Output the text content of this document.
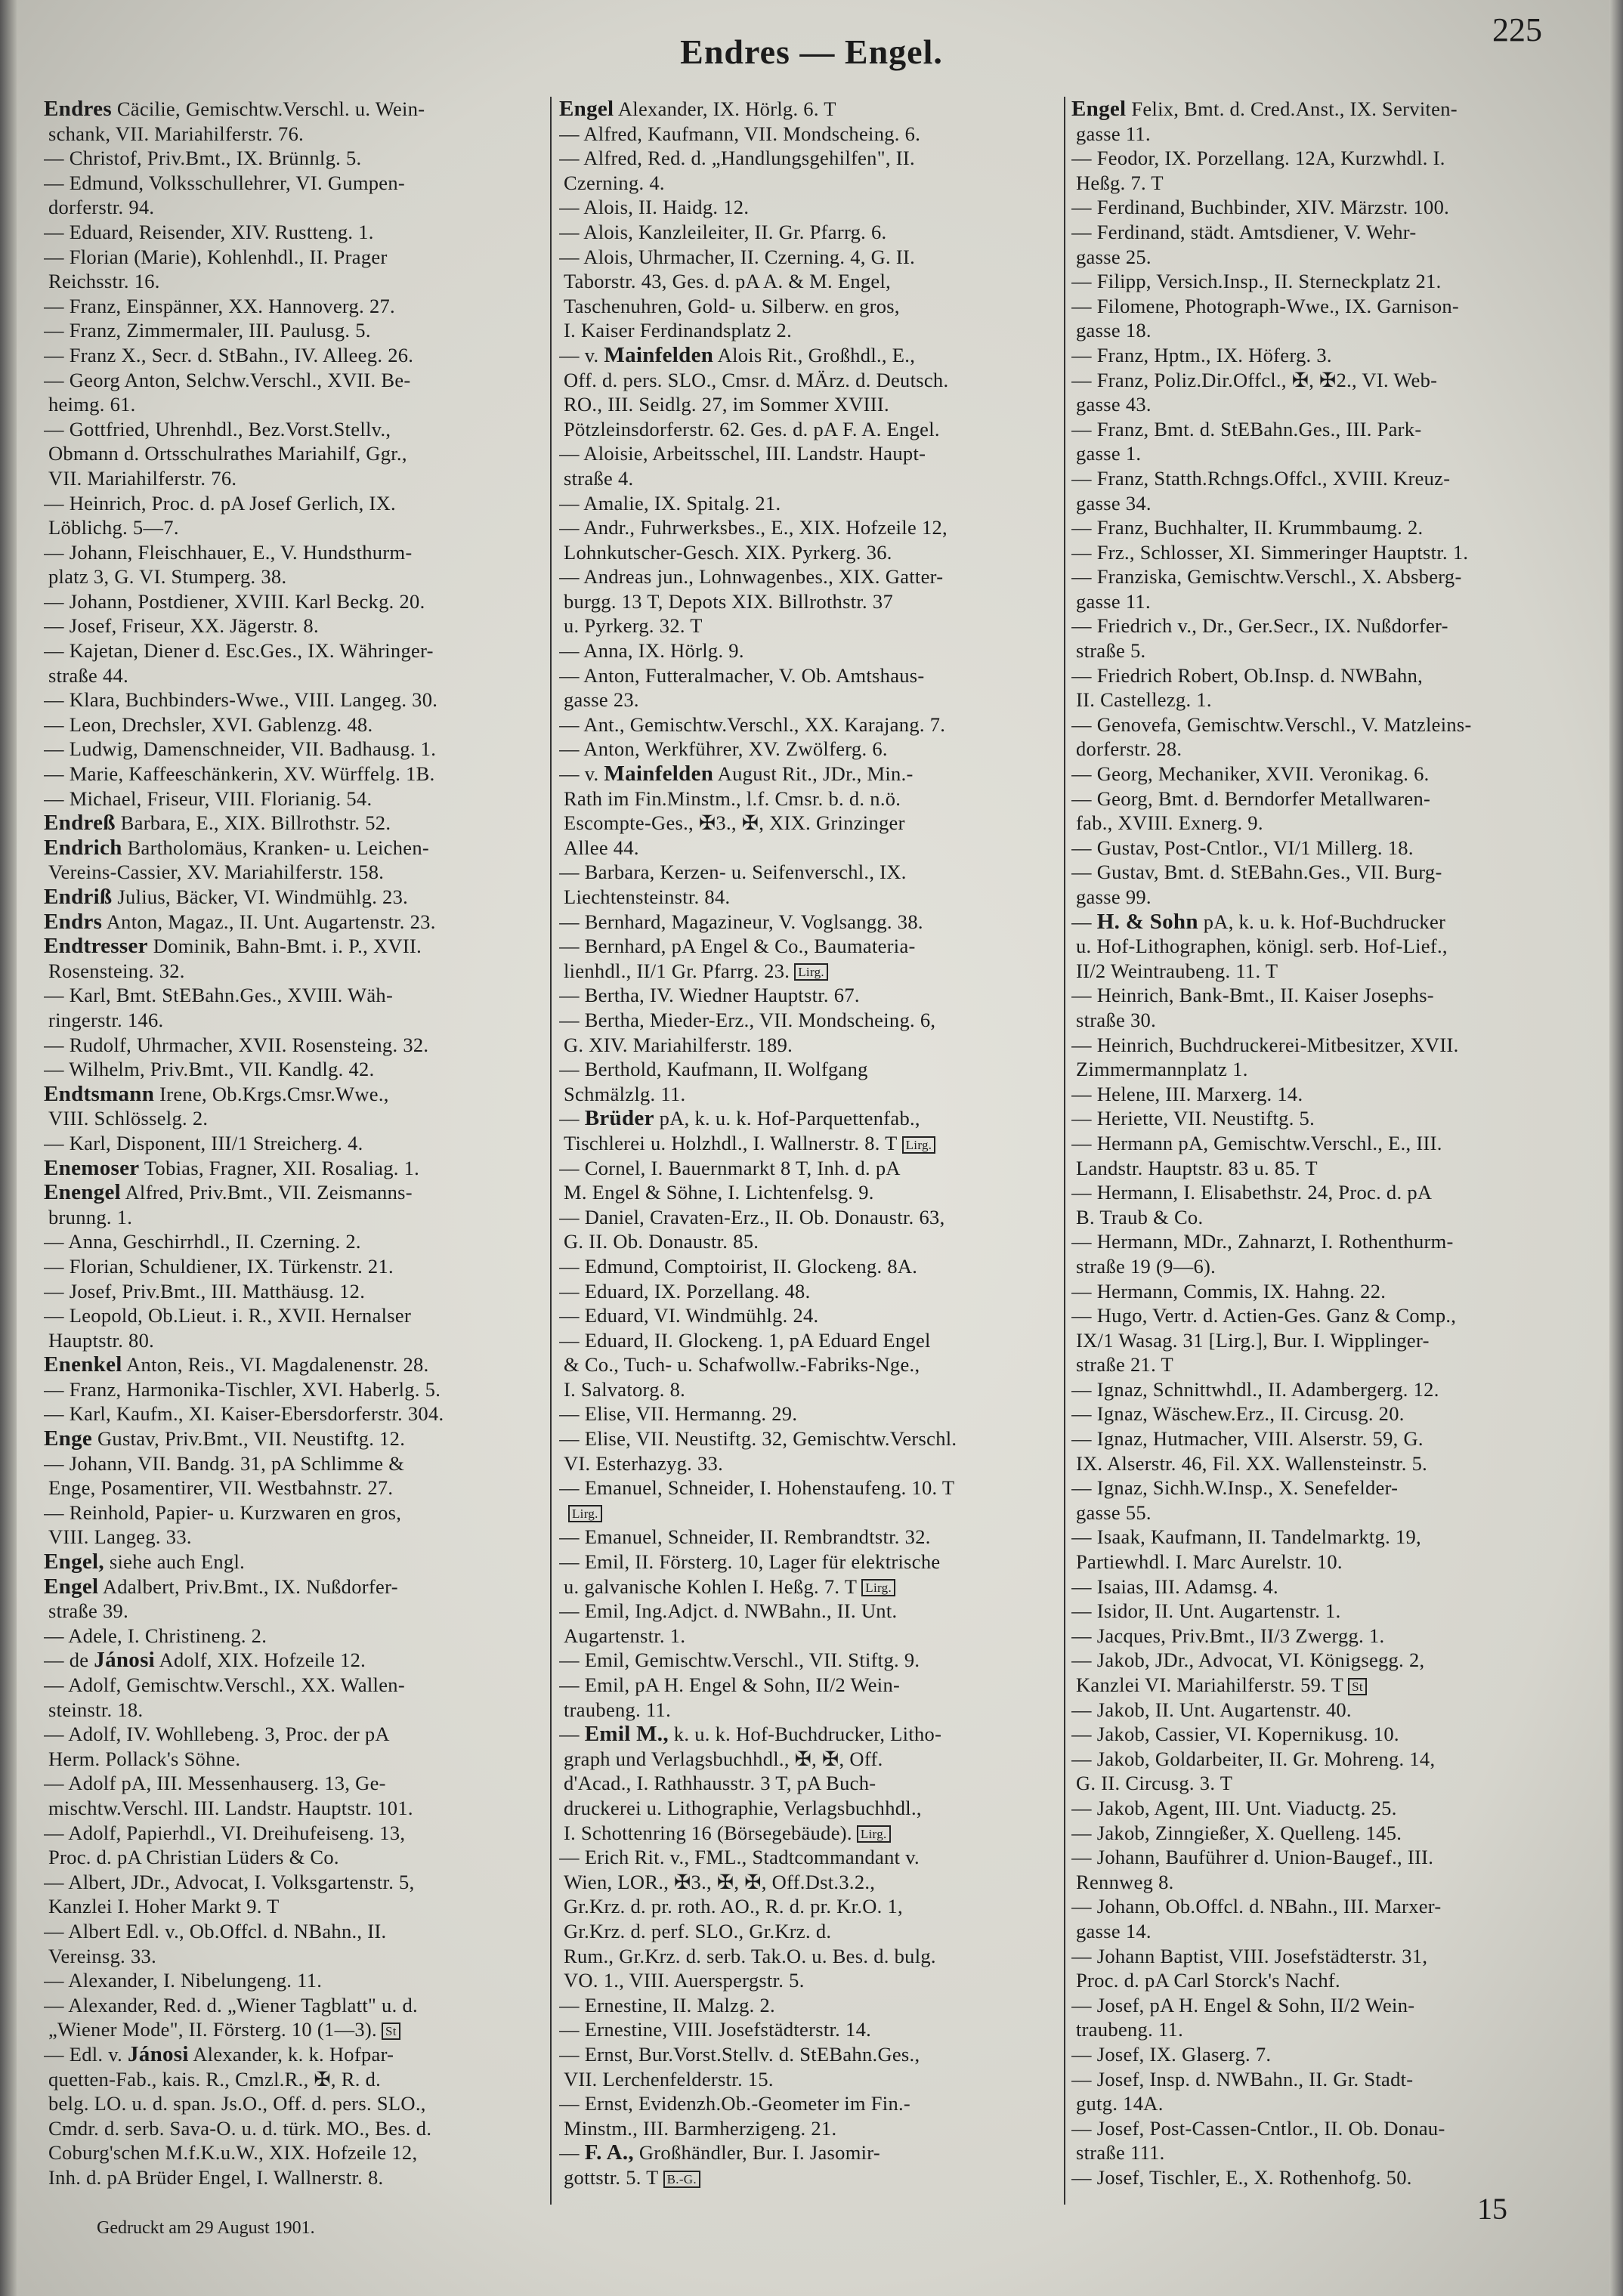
Endres — Engel.
225
Endres Cäcilie, Gemischtw.Verschl. u. Wein-
schank, VII. Mariahilferstr. 76.
— Christof, Priv.Bmt., IX. Brünnlg. 5.
— Edmund, Volksschullehrer, VI. Gumpen-
dorferstr. 94.
— Eduard, Reisender, XIV. Rustteng. 1.
— Florian (Marie), Kohlenhdl., II. Prager
Reichsstr. 16.
— Franz, Einspänner, XX. Hannoverg. 27.
— Franz, Zimmermaler, III. Paulusg. 5.
— Franz X., Secr. d. StBahn., IV. Alleeg. 26.
— Georg Anton, Selchw.Verschl., XVII. Be-
heimg. 61.
— Gottfried, Uhrenhdl., Bez.Vorst.Stellv.,
Obmann d. Ortsschulrathes Mariahilf, Ggr.,
VII. Mariahilferstr. 76.
— Heinrich, Proc. d. pA Josef Gerlich, IX.
Löblichg. 5—7.
— Johann, Fleischhauer, E., V. Hundsthurm-
platz 3, G. VI. Stumperg. 38.
— Johann, Postdiener, XVIII. Karl Beckg. 20.
— Josef, Friseur, XX. Jägerstr. 8.
— Kajetan, Diener d. Esc.Ges., IX. Währinger-
straße 44.
— Klara, Buchbinders-Wwe., VIII. Langeg. 30.
— Leon, Drechsler, XVI. Gablenzg. 48.
— Ludwig, Damenschneider, VII. Badhausg. 1.
— Marie, Kaffeeschänkerin, XV. Würffelg. 1B.
— Michael, Friseur, VIII. Florianig. 54.
Endreß Barbara, E., XIX. Billrothstr. 52.
Endrich Bartholomäus, Kranken- u. Leichen-
Vereins-Cassier, XV. Mariahilferstr. 158.
Endriß Julius, Bäcker, VI. Windmühlg. 23.
Endrs Anton, Magaz., II. Unt. Augartenstr. 23.
Endtresser Dominik, Bahn-Bmt. i. P., XVII.
Rosensteing. 32.
— Karl, Bmt. StEBahn.Ges., XVIII. Wäh-
ringerstr. 146.
— Rudolf, Uhrmacher, XVII. Rosensteing. 32.
— Wilhelm, Priv.Bmt., VII. Kandlg. 42.
Endtsmann Irene, Ob.Krgs.Cmsr.Wwe.,
VIII. Schlösselg. 2.
— Karl, Disponent, III/1 Streicherg. 4.
Enemoser Tobias, Fragner, XII. Rosaliag. 1.
Enengel Alfred, Priv.Bmt., VII. Zeismanns-
brunng. 1.
— Anna, Geschirrhdl., II. Czerning. 2.
— Florian, Schuldiener, IX. Türkenstr. 21.
— Josef, Priv.Bmt., III. Matthäusg. 12.
— Leopold, Ob.Lieut. i. R., XVII. Hernalser
Hauptstr. 80.
Enenkel Anton, Reis., VI. Magdalenenstr. 28.
— Franz, Harmonika-Tischler, XVI. Haberlg. 5.
— Karl, Kaufm., XI. Kaiser-Ebersdorferstr. 304.
Enge Gustav, Priv.Bmt., VII. Neustiftg. 12.
— Johann, VII. Bandg. 31, pA Schlimme &
Enge, Posamentirer, VII. Westbahnstr. 27.
— Reinhold, Papier- u. Kurzwaren en gros,
VIII. Langeg. 33.
Engel, siehe auch Engl.
Engel Adalbert, Priv.Bmt., IX. Nußdorfer-
straße 39.
— Adele, I. Christineng. 2.
— de Jánosi Adolf, XIX. Hofzeile 12.
— Adolf, Gemischtw.Verschl., XX. Wallen-
steinstr. 18.
— Adolf, IV. Wohllebeng. 3, Proc. der pA
Herm. Pollack's Söhne.
— Adolf pA, III. Messenhauserg. 13, Ge-
mischtw.Verschl. III. Landstr. Hauptstr. 101.
— Adolf, Papierhdl., VI. Dreihufeiseng. 13,
Proc. d. pA Christian Lüders & Co.
— Albert, JDr., Advocat, I. Volksgartenstr. 5,
Kanzlei I. Hoher Markt 9. T
— Albert Edl. v., Ob.Offcl. d. NBahn., II.
Vereinsg. 33.
— Alexander, I. Nibelungeng. 11.
— Alexander, Red. d. „Wiener Tagblatt" u. d.
„Wiener Mode", II. Försterg. 10 (1—3). St
— Edl. v. Jánosi Alexander, k. k. Hofpar-
quetten-Fab., kais. R., Cmzl.R., ✠, R. d.
belg. LO. u. d. span. Js.O., Off. d. pers. SLO.,
Cmdr. d. serb. Sava-O. u. d. türk. MO., Bes. d.
Coburg'schen M.f.K.u.W., XIX. Hofzeile 12,
Inh. d. pA Brüder Engel, I. Wallnerstr. 8.
Engel Alexander, IX. Hörlg. 6. T
— Alfred, Kaufmann, VII. Mondscheing. 6.
— Alfred, Red. d. „Handlungsgehilfen", II.
Czerning. 4.
— Alois, II. Haidg. 12.
— Alois, Kanzleileiter, II. Gr. Pfarrg. 6.
— Alois, Uhrmacher, II. Czerning. 4, G. II.
Taborstr. 43, Ges. d. pA A. & M. Engel,
Taschenuhren, Gold- u. Silberw. en gros,
I. Kaiser Ferdinandsplatz 2.
— v. Mainfelden Alois Rit., Großhdl., E.,
Off. d. pers. SLO., Cmsr. d. MÄrz. d. Deutsch.
RO., III. Seidlg. 27, im Sommer XVIII.
Pötzleinsdorferstr. 62. Ges. d. pA F. A. Engel.
— Aloisie, Arbeitsschel, III. Landstr. Haupt-
straße 4.
— Amalie, IX. Spitalg. 21.
— Andr., Fuhrwerksbes., E., XIX. Hofzeile 12,
Lohnkutscher-Gesch. XIX. Pyrkerg. 36.
— Andreas jun., Lohnwagenbes., XIX. Gatter-
burgg. 13 T, Depots XIX. Billrothstr. 37
u. Pyrkerg. 32. T
— Anna, IX. Hörlg. 9.
— Anton, Futteralmacher, V. Ob. Amtshaus-
gasse 23.
— Ant., Gemischtw.Verschl., XX. Karajang. 7.
— Anton, Werkführer, XV. Zwölferg. 6.
— v. Mainfelden August Rit., JDr., Min.-
Rath im Fin.Minstm., l.f. Cmsr. b. d. n.ö.
Escompte-Ges., ✠3., ✠, XIX. Grinzinger
Allee 44.
— Barbara, Kerzen- u. Seifenverschl., IX.
Liechtensteinstr. 84.
— Bernhard, Magazineur, V. Voglsangg. 38.
— Bernhard, pA Engel & Co., Baumateria-
lienhdl., II/1 Gr. Pfarrg. 23. Lirg.
— Bertha, IV. Wiedner Hauptstr. 67.
— Bertha, Mieder-Erz., VII. Mondscheing. 6,
G. XIV. Mariahilferstr. 189.
— Berthold, Kaufmann, II. Wolfgang
Schmälzlg. 11.
— Brüder pA, k. u. k. Hof-Parquettenfab.,
Tischlerei u. Holzhdl., I. Wallnerstr. 8. T Lirg.
— Cornel, I. Bauernmarkt 8 T, Inh. d. pA
M. Engel & Söhne, I. Lichtenfelsg. 9.
— Daniel, Cravaten-Erz., II. Ob. Donaustr. 63,
G. II. Ob. Donaustr. 85.
— Edmund, Comptoirist, II. Glockeng. 8A.
— Eduard, IX. Porzellang. 48.
— Eduard, VI. Windmühlg. 24.
— Eduard, II. Glockeng. 1, pA Eduard Engel
& Co., Tuch- u. Schafwollw.-Fabriks-Nge.,
I. Salvatorg. 8.
— Elise, VII. Hermanng. 29.
— Elise, VII. Neustiftg. 32, Gemischtw.Verschl.
VI. Esterhazyg. 33.
— Emanuel, Schneider, I. Hohenstaufeng. 10. T
Lirg.
— Emanuel, Schneider, II. Rembrandtstr. 32.
— Emil, II. Försterg. 10, Lager für elektrische
u. galvanische Kohlen I. Heßg. 7. T Lirg.
— Emil, Ing.Adjct. d. NWBahn., II. Unt.
Augartenstr. 1.
— Emil, Gemischtw.Verschl., VII. Stiftg. 9.
— Emil, pA H. Engel & Sohn, II/2 Wein-
traubeng. 11.
— Emil M., k. u. k. Hof-Buchdrucker, Litho-
graph und Verlagsbuchhdl., ✠, ✠, Off.
d'Acad., I. Rathhausstr. 3 T, pA Buch-
druckerei u. Lithographie, Verlagsbuchhdl.,
I. Schottenring 16 (Börsegebäude). Lirg.
— Erich Rit. v., FML., Stadtcommandant v.
Wien, LOR., ✠3., ✠, ✠, Off.Dst.3.2.,
Gr.Krz. d. pr. roth. AO., R. d. pr. Kr.O. 1,
Gr.Krz. d. perf. SLO., Gr.Krz. d.
Rum., Gr.Krz. d. serb. Tak.O. u. Bes. d. bulg.
VO. 1., VIII. Auerspergstr. 5.
— Ernestine, II. Malzg. 2.
— Ernestine, VIII. Josefstädterstr. 14.
— Ernst, Bur.Vorst.Stellv. d. StEBahn.Ges.,
VII. Lerchenfelderstr. 15.
— Ernst, Evidenzh.Ob.-Geometer im Fin.-
Minstm., III. Barmherzigeng. 21.
— F. A., Großhändler, Bur. I. Jasomir-
gottstr. 5. T B.-G.
Engel Felix, Bmt. d. Cred.Anst., IX. Serviten-
gasse 11.
— Feodor, IX. Porzellang. 12A, Kurzwhdl. I.
Heßg. 7. T
— Ferdinand, Buchbinder, XIV. Märzstr. 100.
— Ferdinand, städt. Amtsdiener, V. Wehr-
gasse 25.
— Filipp, Versich.Insp., II. Sterneckplatz 21.
— Filomene, Photograph-Wwe., IX. Garnison-
gasse 18.
— Franz, Hptm., IX. Höferg. 3.
— Franz, Poliz.Dir.Offcl., ✠, ✠2., VI. Web-
gasse 43.
— Franz, Bmt. d. StEBahn.Ges., III. Park-
gasse 1.
— Franz, Statth.Rchngs.Offcl., XVIII. Kreuz-
gasse 34.
— Franz, Buchhalter, II. Krummbaumg. 2.
— Frz., Schlosser, XI. Simmeringer Hauptstr. 1.
— Franziska, Gemischtw.Verschl., X. Absberg-
gasse 11.
— Friedrich v., Dr., Ger.Secr., IX. Nußdorfer-
straße 5.
— Friedrich Robert, Ob.Insp. d. NWBahn,
II. Castellezg. 1.
— Genovefa, Gemischtw.Verschl., V. Matzleins-
dorferstr. 28.
— Georg, Mechaniker, XVII. Veronikag. 6.
— Georg, Bmt. d. Berndorfer Metallwaren-
fab., XVIII. Exnerg. 9.
— Gustav, Post-Cntlor., VI/1 Millerg. 18.
— Gustav, Bmt. d. StEBahn.Ges., VII. Burg-
gasse 99.
— H. & Sohn pA, k. u. k. Hof-Buchdrucker
u. Hof-Lithographen, königl. serb. Hof-Lief.,
II/2 Weintraubeng. 11. T
— Heinrich, Bank-Bmt., II. Kaiser Josephs-
straße 30.
— Heinrich, Buchdruckerei-Mitbesitzer, XVII.
Zimmermannplatz 1.
— Helene, III. Marxerg. 14.
— Heriette, VII. Neustiftg. 5.
— Hermann pA, Gemischtw.Verschl., E., III.
Landstr. Hauptstr. 83 u. 85. T
— Hermann, I. Elisabethstr. 24, Proc. d. pA
B. Traub & Co.
— Hermann, MDr., Zahnarzt, I. Rothenthurm-
straße 19 (9—6).
— Hermann, Commis, IX. Hahng. 22.
— Hugo, Vertr. d. Actien-Ges. Ganz & Comp.,
IX/1 Wasag. 31 [Lirg.], Bur. I. Wipplinger-
straße 21. T
— Ignaz, Schnittwhdl., II. Adambergerg. 12.
— Ignaz, Wäschew.Erz., II. Circusg. 20.
— Ignaz, Hutmacher, VIII. Alserstr. 59, G.
IX. Alserstr. 46, Fil. XX. Wallensteinstr. 5.
— Ignaz, Sichh.W.Insp., X. Senefelder-
gasse 55.
— Isaak, Kaufmann, II. Tandelmarktg. 19,
Partiewhdl. I. Marc Aurelstr. 10.
— Isaias, III. Adamsg. 4.
— Isidor, II. Unt. Augartenstr. 1.
— Jacques, Priv.Bmt., II/3 Zwergg. 1.
— Jakob, JDr., Advocat, VI. Königsegg. 2,
Kanzlei VI. Mariahilferstr. 59. T St
— Jakob, II. Unt. Augartenstr. 40.
— Jakob, Cassier, VI. Kopernikusg. 10.
— Jakob, Goldarbeiter, II. Gr. Mohreng. 14,
G. II. Circusg. 3. T
— Jakob, Agent, III. Unt. Viaductg. 25.
— Jakob, Zinngießer, X. Quelleng. 145.
— Johann, Bauführer d. Union-Baugef., III.
Rennweg 8.
— Johann, Ob.Offcl. d. NBahn., III. Marxer-
gasse 14.
— Johann Baptist, VIII. Josefstädterstr. 31,
Proc. d. pA Carl Storck's Nachf.
— Josef, pA H. Engel & Sohn, II/2 Wein-
traubeng. 11.
— Josef, IX. Glaserg. 7.
— Josef, Insp. d. NWBahn., II. Gr. Stadt-
gutg. 14A.
— Josef, Post-Cassen-Cntlor., II. Ob. Donau-
straße 111.
— Josef, Tischler, E., X. Rothenhofg. 50.
Gedruckt am 29 August 1901.
15
